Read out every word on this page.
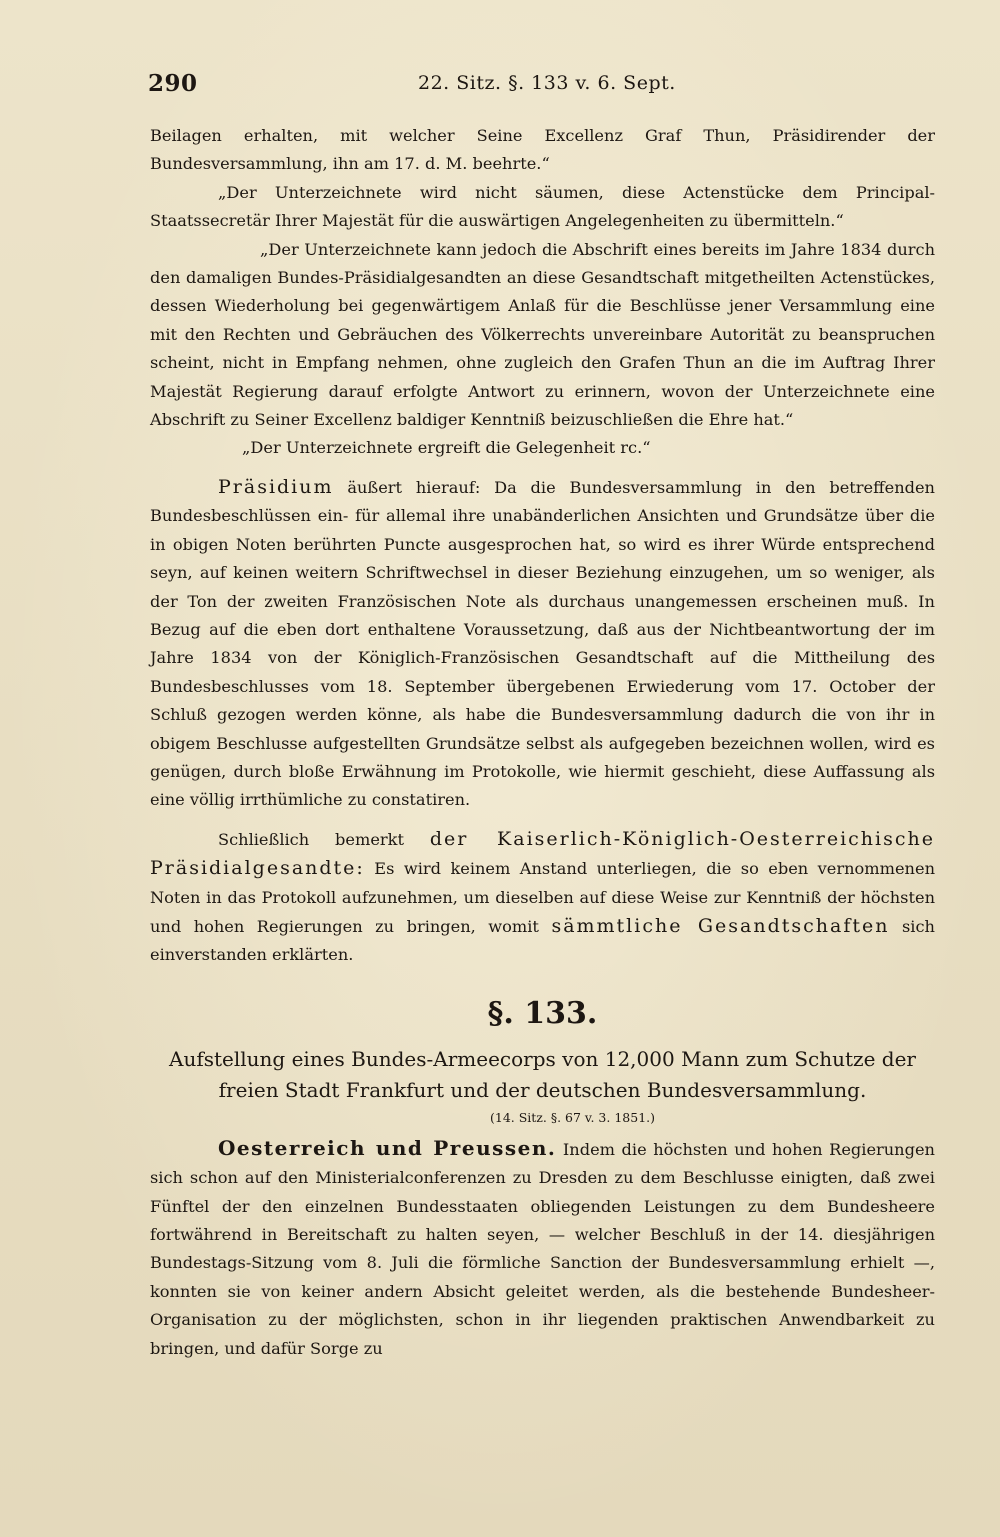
290	22. Sitz. §. 133 v. 6. Sept.

Beilagen erhalten, mit welcher Seine Excellenz Graf Thun, Präsidirender der Bundesversammlung, ihn am 17. d. M. beehrte.“

„Der Unterzeichnete wird nicht säumen, diese Actenstücke dem Principal-Staatssecretär Ihrer Majestät für die auswärtigen Angelegenheiten zu übermitteln.“

„Der Unterzeichnete kann jedoch die Abschrift eines bereits im Jahre 1834 durch den damaligen Bundes-Präsidialgesandten an diese Gesandtschaft mitgetheilten Actenstückes, dessen Wiederholung bei gegenwärtigem Anlaß für die Beschlüsse jener Versammlung eine mit den Rechten und Gebräuchen des Völkerrechts unvereinbare Autorität zu beanspruchen scheint, nicht in Empfang nehmen, ohne zugleich den Grafen Thun an die im Auftrag Ihrer Majestät Regierung darauf erfolgte Antwort zu erinnern, wovon der Unterzeichnete eine Abschrift zu Seiner Excellenz baldiger Kenntniß beizuschließen die Ehre hat.“

„Der Unterzeichnete ergreift die Gelegenheit rc.“

Präsidium äußert hierauf: Da die Bundesversammlung in den betreffenden Bundesbeschlüssen ein- für allemal ihre unabänderlichen Ansichten und Grundsätze über die in obigen Noten berührten Puncte ausgesprochen hat, so wird es ihrer Würde entsprechend seyn, auf keinen weitern Schriftwechsel in dieser Beziehung einzugehen, um so weniger, als der Ton der zweiten Französischen Note als durchaus unangemessen erscheinen muß. In Bezug auf die eben dort enthaltene Voraussetzung, daß aus der Nichtbeantwortung der im Jahre 1834 von der Königlich-Französischen Gesandtschaft auf die Mittheilung des Bundesbeschlusses vom 18. September übergebenen Erwiederung vom 17. October der Schluß gezogen werden könne, als habe die Bundesversammlung dadurch die von ihr in obigem Beschlusse aufgestellten Grundsätze selbst als aufgegeben bezeichnen wollen, wird es genügen, durch bloße Erwähnung im Protokolle, wie hiermit geschieht, diese Auffassung als eine völlig irrthümliche zu constatiren.

Schließlich bemerkt der Kaiserlich-Königlich-Oesterreichische Präsidialgesandte: Es wird keinem Anstand unterliegen, die so eben vernommenen Noten in das Protokoll aufzunehmen, um dieselben auf diese Weise zur Kenntniß der höchsten und hohen Regierungen zu bringen, womit sämmtliche Gesandtschaften sich einverstanden erklärten.

§. 133.

Aufstellung eines Bundes-Armeecorps von 12,000 Mann zum Schutze der freien Stadt Frankfurt und der deutschen Bundesversammlung.

(14. Sitz. §. 67 v. 3. 1851.)

Oesterreich und Preussen. Indem die höchsten und hohen Regierungen sich schon auf den Ministerialconferenzen zu Dresden zu dem Beschlusse einigten, daß zwei Fünftel der den einzelnen Bundesstaaten obliegenden Leistungen zu dem Bundesheere fortwährend in Bereitschaft zu halten seyen, — welcher Beschluß in der 14. diesjährigen Bundestags-Sitzung vom 8. Juli die förmliche Sanction der Bundesversammlung erhielt —, konnten sie von keiner andern Absicht geleitet werden, als die bestehende Bundesheer-Organisation zu der möglichsten, schon in ihr liegenden praktischen Anwendbarkeit zu bringen, und dafür Sorge zu
